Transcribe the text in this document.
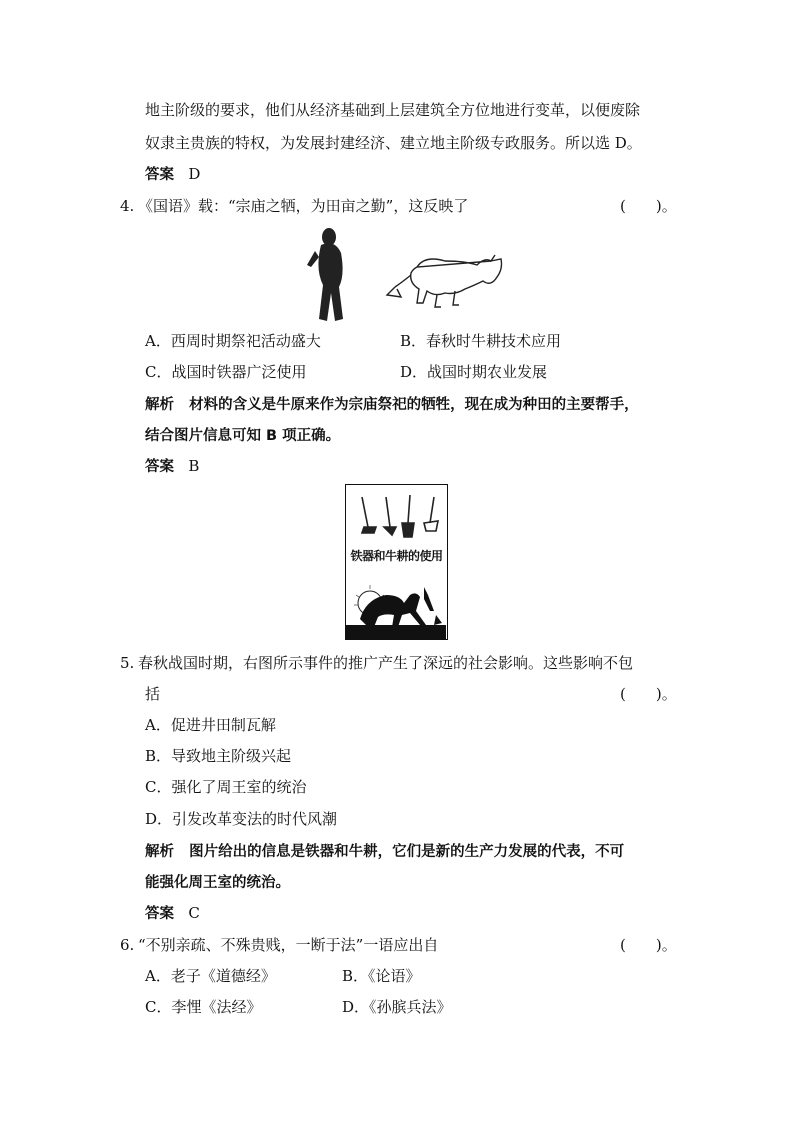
地主阶级的要求，他们从经济基础到上层建筑全方位地进行变革，以便废除
奴隶主贵族的特权，为发展封建经济、建立地主阶级专政服务。所以选 D。
答案 D
4. 《国语》载：“宗庙之牺，为田亩之勤”，这反映了	(　　)。
A．西周时期祭祀活动盛大	B．春秋时牛耕技术应用
C．战国时铁器广泛使用	D．战国时期农业发展
解析 材料的含义是牛原来作为宗庙祭祀的牺牲，现在成为种田的主要帮手，
结合图片信息可知 B 项正确。
答案 B
铁器和牛耕的使用
5. 春秋战国时期，右图所示事件的推广产生了深远的社会影响。这些影响不包
括	(　　)。
A．促进井田制瓦解
B．导致地主阶级兴起
C．强化了周王室的统治
D．引发改革变法的时代风潮
解析 图片给出的信息是铁器和牛耕，它们是新的生产力发展的代表，不可
能强化周王室的统治。
答案 C
6. “不别亲疏、不殊贵贱，一断于法”一语应出自	(　　)。
A．老子《道德经》	B．《论语》
C．李悝《法经》	D．《孙膑兵法》
